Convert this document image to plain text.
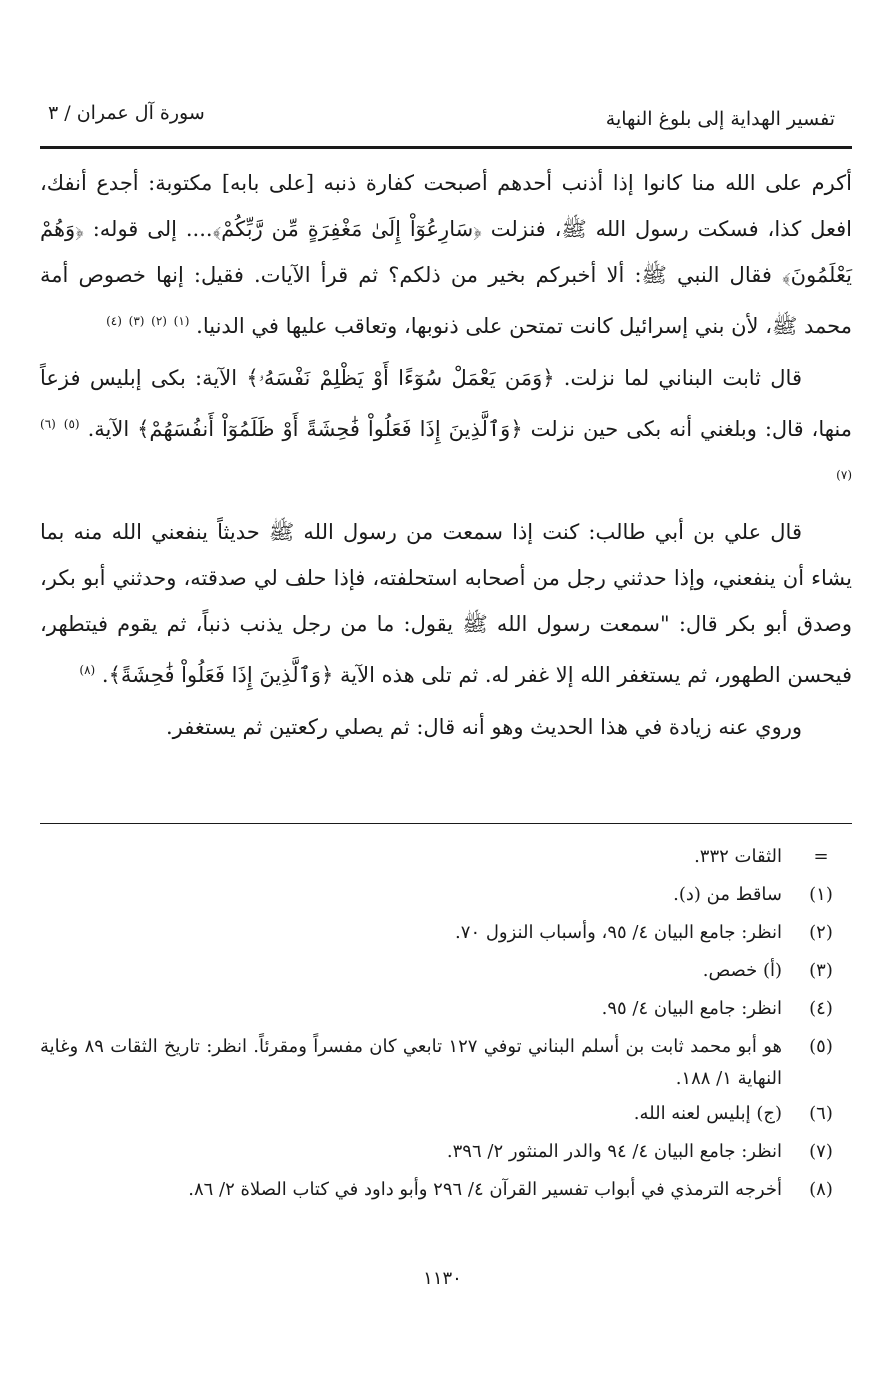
تفسير الهداية إلى بلوغ النهاية
سورة آل عمران / ٣

أكرم على الله منا كانوا إذا أذنب أحدهم أصبحت كفارة ذنبه [على بابه] مكتوبة: أجدع أنفك، افعل كذا، فسكت رسول الله ﷺ، فنزلت ﴿سَارِعُوٓاْ إِلَىٰ مَغْفِرَةٍ مِّن رَّبِّكُمْ﴾.... إلى قوله: ﴿وَهُمْ يَعْلَمُونَ﴾ فقال النبي ﷺ: ألا أخبركم بخير من ذلكم؟ ثم قرأ الآيات. فقيل: إنها خصوص أمة محمد ﷺ، لأن بني إسرائيل كانت تمتحن على ذنوبها، وتعاقب عليها في الدنيا. $^{(١)}$ $^{(٢)}$ $^{(٣)}$ $^{(٤)}$

قال ثابت البناني لما نزلت. ﴿وَمَن يَعْمَلْ سُوٓءًا أَوْ يَظْلِمْ نَفْسَهُۥ﴾ الآية: بكى إبليس فزعاً منها، قال: وبلغني أنه بكى حين نزلت ﴿وَٱلَّذِينَ إِذَا فَعَلُواْ فَٰحِشَةً أَوْ ظَلَمُوٓاْ أَنفُسَهُمْ﴾ الآية. $^{(٥)}$ $^{(٦)}$ $^{(٧)}$

قال علي بن أبي طالب: كنت إذا سمعت من رسول الله ﷺ حديثاً ينفعني الله منه بما يشاء أن ينفعني، وإذا حدثني رجل من أصحابه استحلفته، فإذا حلف لي صدقته، وحدثني أبو بكر، وصدق أبو بكر قال: "سمعت رسول الله ﷺ يقول: ما من رجل يذنب ذنباً، ثم يقوم فيتطهر، فيحسن الطهور، ثم يستغفر الله إلا غفر له. ثم تلى هذه الآية ﴿وَٱلَّذِينَ إِذَا فَعَلُواْ فَٰحِشَةً﴾. $^{(٨)}$

وروي عنه زيادة في هذا الحديث وهو أنه قال: ثم يصلي ركعتين ثم يستغفر.

=
الثقات ٣٣٢.
(١)
ساقط من (د).
(٢)
انظر: جامع البيان ٤/ ٩٥، وأسباب النزول ٧٠.
(٣)
(أ) خصص.
(٤)
انظر: جامع البيان ٤/ ٩٥.
(٥)
هو أبو محمد ثابت بن أسلم البناني توفي ١٢٧ تابعي كان مفسراً ومقرئاً. انظر: تاريخ الثقات ٨٩ وغاية النهاية ١/ ١٨٨.
(٦)
(ج) إبليس لعنه الله.
(٧)
انظر: جامع البيان ٤/ ٩٤ والدر المنثور ٢/ ٣٩٦.
(٨)
أخرجه الترمذي في أبواب تفسير القرآن ٤/ ٢٩٦ وأبو داود في كتاب الصلاة ٢/ ٨٦.
١١٣٠
